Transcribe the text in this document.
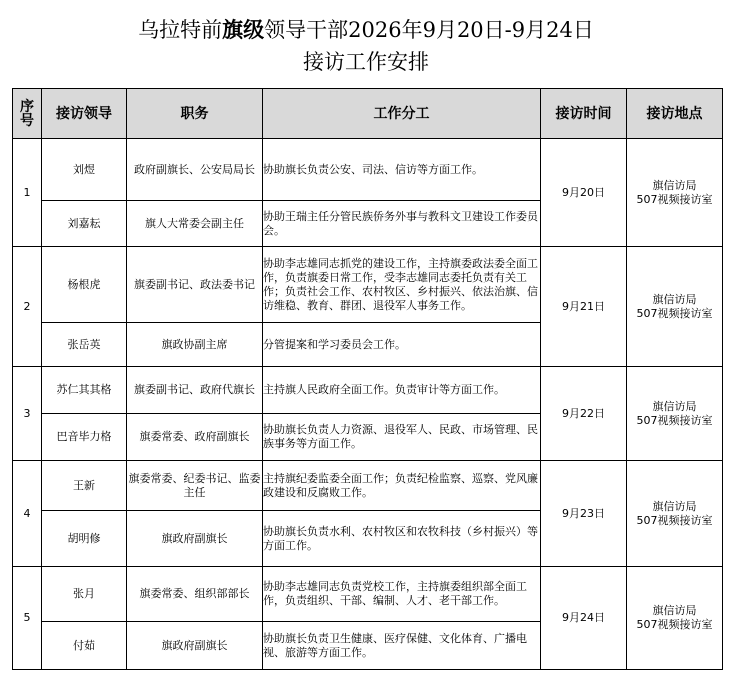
乌拉特前旗级领导干部2026年9月20日-9月24日
接访工作安排
序
号	接访领导	职务	工作分工	接访时间	接访地点
1	刘煜	政府副旗长、公安局局长	协助旗长负责公安、司法、信访等方面工作。	9月20日	旗信访局
507视频接访室
	刘嘉耘	旗人大常委会副主任	协助王瑞主任分管民族侨务外事与教科文卫建设工作委员会。		
2	杨根虎	旗委副书记、政法委书记	协助李志雄同志抓党的建设工作，主持旗委政法委全面工作，负责旗委日常工作，受李志雄同志委托负责有关工作；负责社会工作、农村牧区、乡村振兴、依法治旗、信访维稳、教育、群团、退役军人事务工作。	9月21日	旗信访局
507视频接访室
	张岳英	旗政协副主席	分管提案和学习委员会工作。		
3	苏仁其其格	旗委副书记、政府代旗长	主持旗人民政府全面工作。负责审计等方面工作。	9月22日	旗信访局
507视频接访室
	巴音毕力格	旗委常委、政府副旗长	协助旗长负责人力资源、退役军人、民政、市场管理、民族事务等方面工作。		
4	王新	旗委常委、纪委书记、监委主任	主持旗纪委监委全面工作；负责纪检监察、巡察、党风廉政建设和反腐败工作。	9月23日	旗信访局
507视频接访室
	胡明修	旗政府副旗长	协助旗长负责水利、农村牧区和农牧科技（乡村振兴）等方面工作。		
5	张月	旗委常委、组织部部长	协助李志雄同志负责党校工作，主持旗委组织部全面工作，负责组织、干部、编制、人才、老干部工作。	9月24日	旗信访局
507视频接访室
	付茹	旗政府副旗长	协助旗长负责卫生健康、医疗保健、文化体育、广播电视、旅游等方面工作。		
